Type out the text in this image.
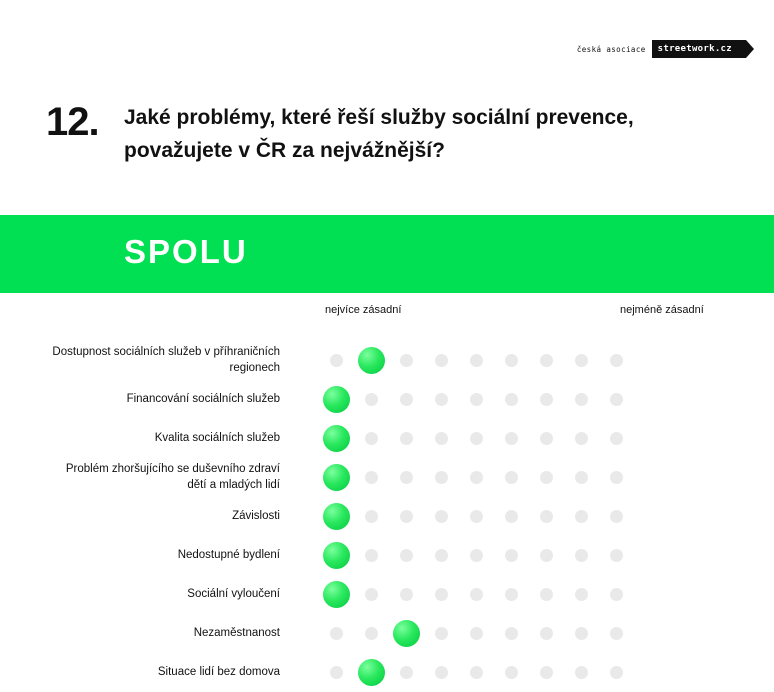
česká asociace	streetwork.cz
12. Jaké problémy, které řeší služby sociální prevence, považujete v ČR za nejvážnější?
SPOLU
nejvíce zásadní	nejméně zásadní
Dostupnost sociálních služeb v příhraničních regionech
Financování sociálních služeb
Kvalita sociálních služeb
Problém zhoršujícího se duševního zdraví dětí a mladých lidí
Závislosti
Nedostupné bydlení
Sociální vyloučení
Nezaměstnanost
Situace lidí bez domova
